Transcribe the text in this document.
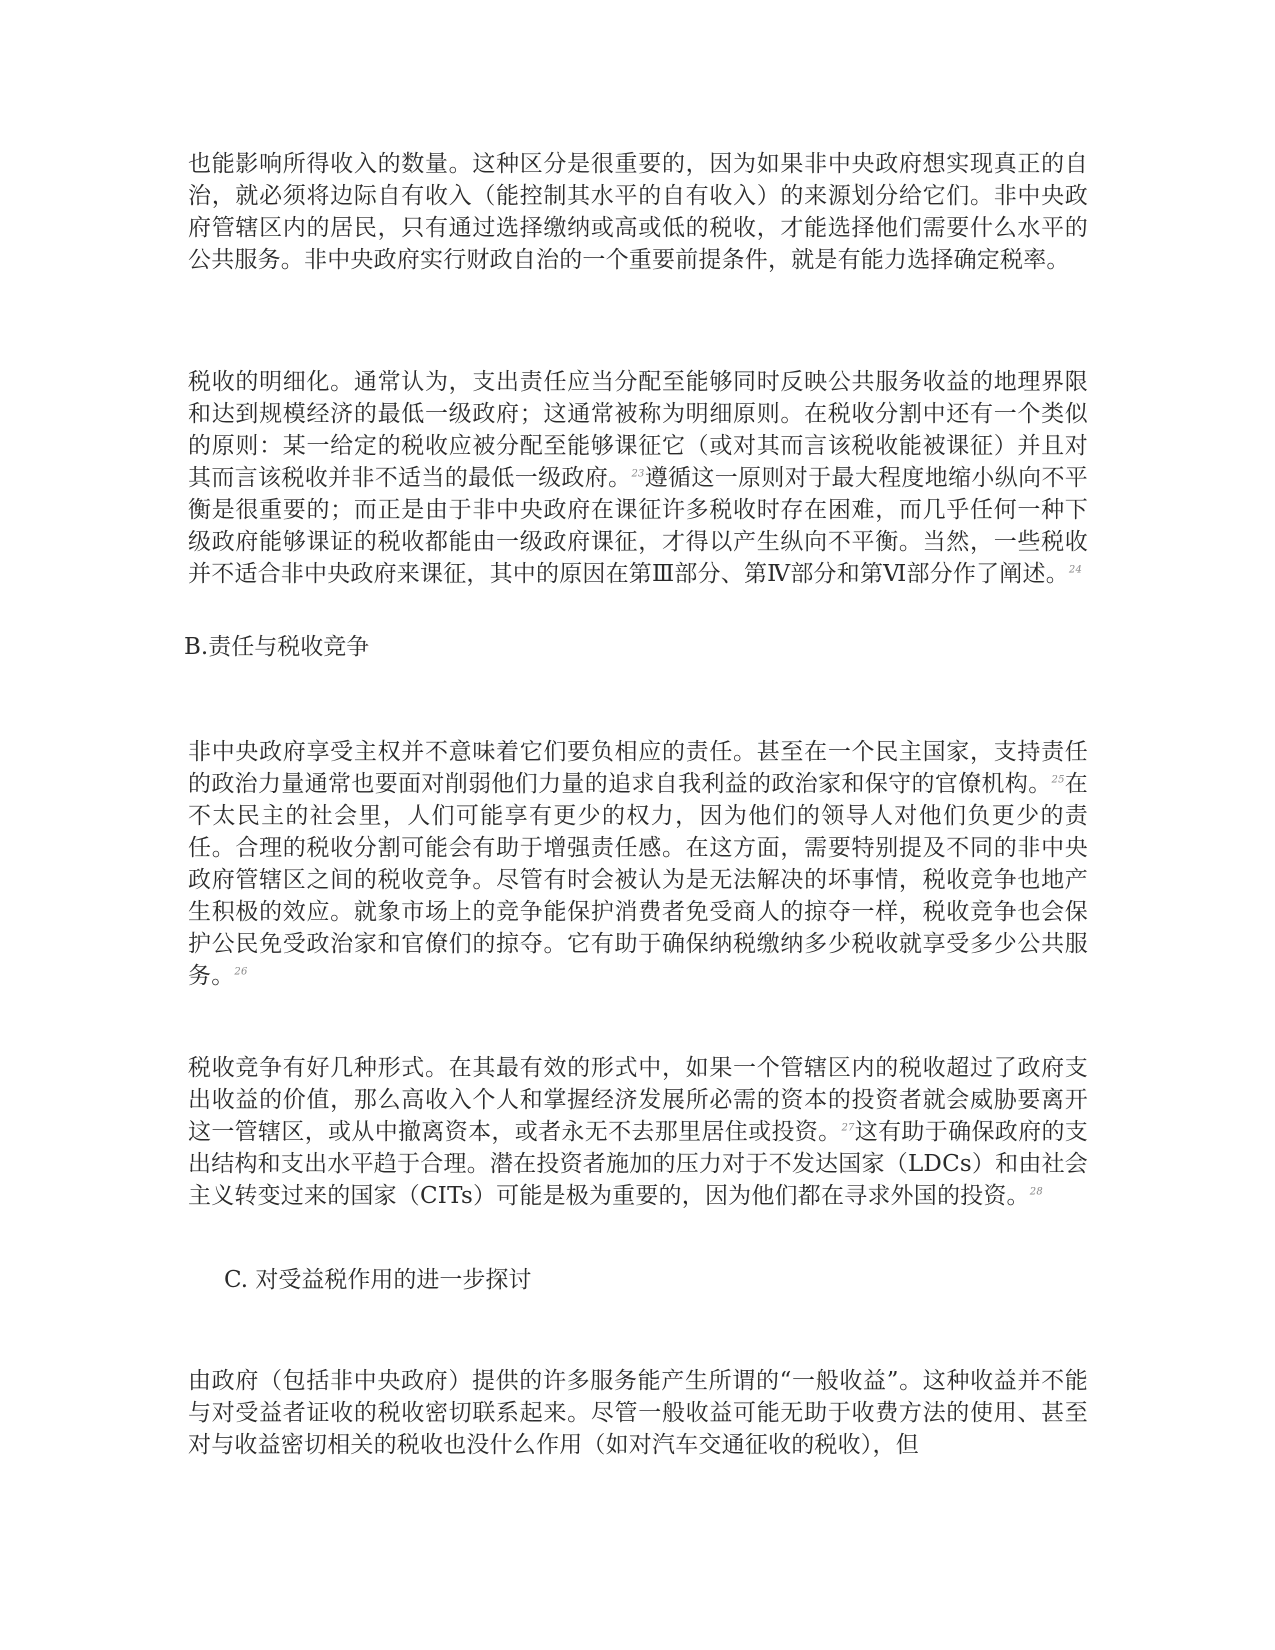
也能影响所得收入的数量。这种区分是很重要的，因为如果非中央政府想实现真正的自治，就必须将边际自有收入（能控制其水平的自有收入）的来源划分给它们。非中央政府管辖区内的居民，只有通过选择缴纳或高或低的税收，才能选择他们需要什么水平的公共服务。非中央政府实行财政自治的一个重要前提条件，就是有能力选择确定税率。

税收的明细化。通常认为，支出责任应当分配至能够同时反映公共服务收益的地理界限和达到规模经济的最低一级政府；这通常被称为明细原则。在税收分割中还有一个类似的原则：某一给定的税收应被分配至能够课征它（或对其而言该税收能被课征）并且对其而言该税收并非不适当的最低一级政府。$^{23}$遵循这一原则对于最大程度地缩小纵向不平衡是很重要的；而正是由于非中央政府在课征许多税收时存在困难，而几乎任何一种下级政府能够课证的税收都能由一级政府课征，才得以产生纵向不平衡。当然，一些税收并不适合非中央政府来课征，其中的原因在第Ⅲ部分、第Ⅳ部分和第Ⅵ部分作了阐述。$^{24}$

B.责任与税收竞争

非中央政府享受主权并不意味着它们要负相应的责任。甚至在一个民主国家，支持责任的政治力量通常也要面对削弱他们力量的追求自我利益的政治家和保守的官僚机构。$^{25}$在不太民主的社会里，人们可能享有更少的权力，因为他们的领导人对他们负更少的责任。合理的税收分割可能会有助于增强责任感。在这方面，需要特别提及不同的非中央政府管辖区之间的税收竞争。尽管有时会被认为是无法解决的坏事情，税收竞争也地产生积极的效应。就象市场上的竞争能保护消费者免受商人的掠夺一样，税收竞争也会保护公民免受政治家和官僚们的掠夺。它有助于确保纳税缴纳多少税收就享受多少公共服务。$^{26}$

税收竞争有好几种形式。在其最有效的形式中，如果一个管辖区内的税收超过了政府支出收益的价值，那么高收入个人和掌握经济发展所必需的资本的投资者就会威胁要离开这一管辖区，或从中撤离资本，或者永无不去那里居住或投资。$^{27}$这有助于确保政府的支出结构和支出水平趋于合理。潜在投资者施加的压力对于不发达国家（LDCs）和由社会主义转变过来的国家（CITs）可能是极为重要的，因为他们都在寻求外国的投资。$^{28}$

C. 对受益税作用的进一步探讨

由政府（包括非中央政府）提供的许多服务能产生所谓的“一般收益”。这种收益并不能与对受益者证收的税收密切联系起来。尽管一般收益可能无助于收费方法的使用、甚至对与收益密切相关的税收也没什么作用（如对汽车交通征收的税收），但
